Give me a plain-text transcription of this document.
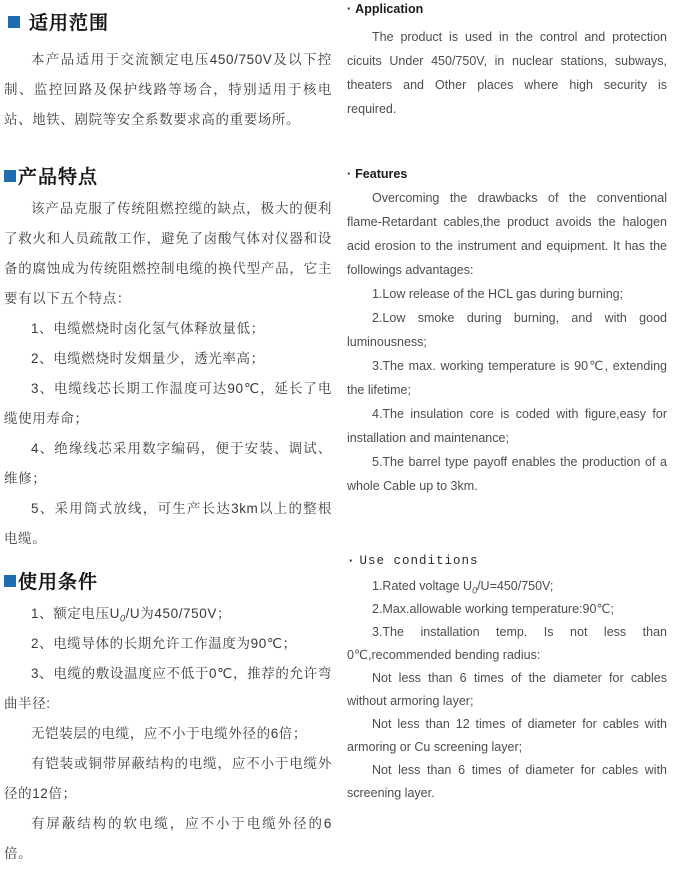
适用范围

本产品适用于交流额定电压450/750V及以下控制、监控回路及保护线路等场合，特别适用于核电站、地铁、剧院等安全系数要求高的重要场所。

产品特点

该产品克服了传统阻燃控缆的缺点，极大的便利了救火和人员疏散工作，避免了卤酸气体对仪器和设备的腐蚀成为传统阻燃控制电缆的换代型产品，它主要有以下五个特点：

1、电缆燃烧时卤化氢气体释放量低；

2、电缆燃烧时发烟量少，透光率高；

3、电缆线芯长期工作温度可达90℃，延长了电缆使用寿命；

4、绝缘线芯采用数字编码，便于安装、调试、维修；

5、采用筒式放线，可生产长达3km以上的整根电缆。

使用条件

1、额定电压$U_0/U$为450/750V；

2、电缆导体的长期允许工作温度为90℃；

3、电缆的敷设温度应不低于0℃，推荐的允许弯曲半径:

无铠装层的电缆，应不小于电缆外径的6倍；

有铠装或铜带屏蔽结构的电缆，应不小于电缆外径的12倍；

有屏蔽结构的软电缆，应不小于电缆外径的6倍。

· Application

The product is used in the control and protection cicuits Under 450/750V, in nuclear stations, subways, theaters and Other places where high security is required.

· Features

Overcoming the drawbacks of the conventional flame-Retardant cables,the product avoids the halogen acid erosion to the instrument and equipment. It has the followings advantages:

1.Low release of the HCL gas during burning;

2.Low smoke during burning, and with good luminousness;

3.The max. working temperature is 90℃, extending the lifetime;

4.The insulation core is coded with figure,easy for installation and maintenance;

5.The barrel type payoff enables the production of a whole Cable up to 3km.

· Use conditions

1.Rated voltage $U_0/U=450/750V$;

2.Max.allowable working temperature:90℃;

3.The installation temp. Is not less than 0℃,recommended bending radius:

Not less than 6 times of the diameter for cables without armoring layer;

Not less than 12 times of diameter for cables with armoring or Cu screening layer;

Not less than 6 times of diameter for cables with screening layer.
